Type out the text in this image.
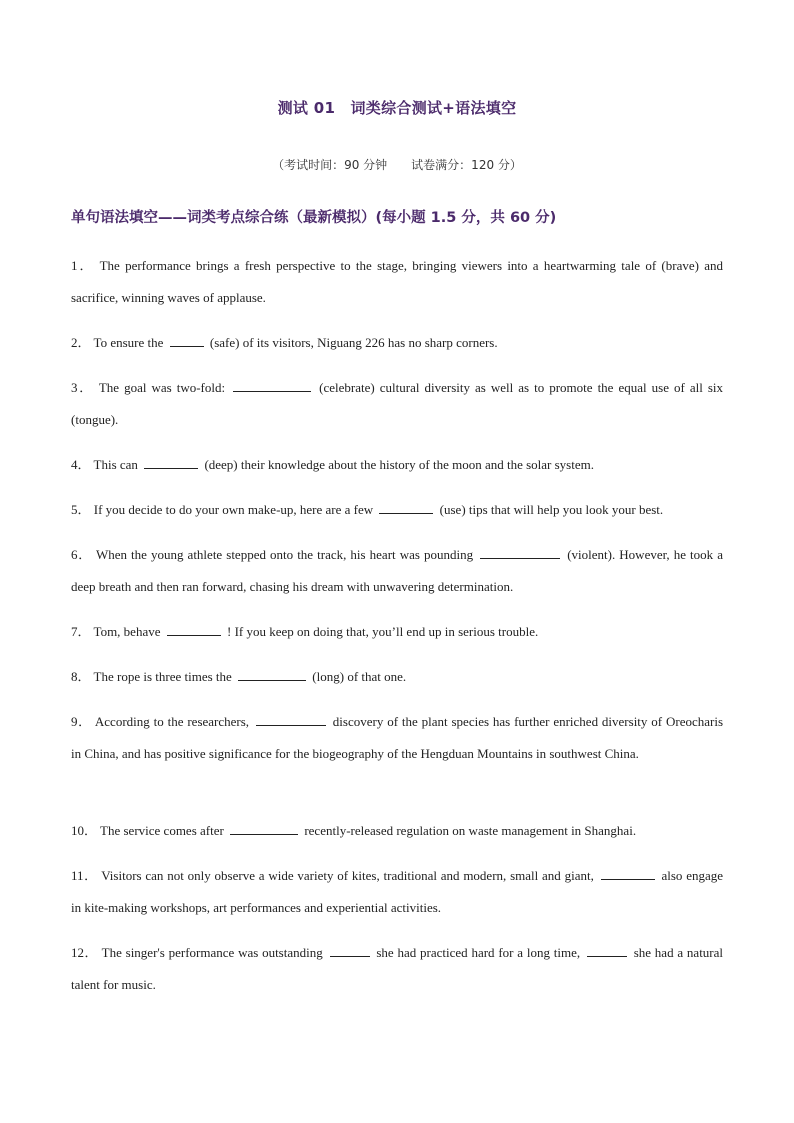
测试 01　词类综合测试+语法填空
（考试时间：90 分钟　　试卷满分：120 分）
单句语法填空——词类考点综合练（最新模拟）(每小题 1.5 分，共 60 分)
1． The performance brings a fresh perspective to the stage, bringing viewers into a heartwarming tale of (brave) and sacrifice, winning waves of applause.
2． To ensure the	(safe) of its visitors, Niguang 226 has no sharp corners.
3． The goal was two-fold:	(celebrate) cultural diversity as well as to promote the equal use of all six (tongue).
4． This can	(deep) their knowledge about the history of the moon and the solar system.
5． If you decide to do your own make-up, here are a few	(use) tips that will help you look your best.
6． When the young athlete stepped onto the track, his heart was pounding	(violent). However, he took a deep breath and then ran forward, chasing his dream with unwavering determination.
7． Tom, behave	! If you keep on doing that, you’ll end up in serious trouble.
8． The rope is three times the	(long) of that one.
9． According to the researchers,	discovery of the plant species has further enriched diversity of Oreocharis in China, and has positive significance for the biogeography of the Hengduan Mountains in southwest China.
10． The service comes after	recently-released regulation on waste management in Shanghai.
11． Visitors can not only observe a wide variety of kites, traditional and modern, small and giant,	also engage in kite-making workshops, art performances and experiential activities.
12． The singer's performance was outstanding	she had practiced hard for a long time,	she had a natural talent for music.
